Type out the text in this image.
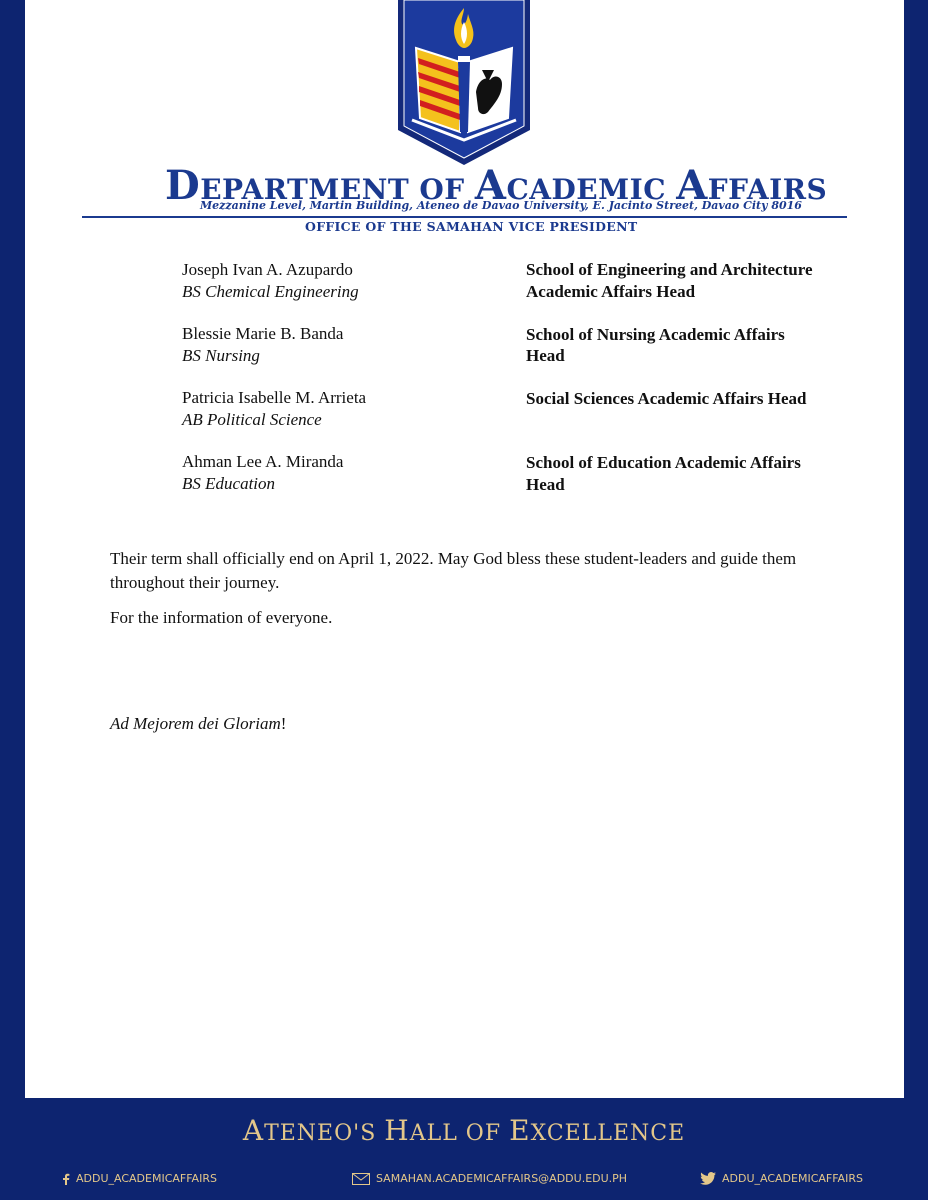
DEPARTMENT OF ACADEMIC AFFAIRS
Mezzanine Level, Martin Building, Ateneo de Davao University, E. Jacinto Street, Davao City 8016
OFFICE OF THE SAMAHAN VICE PRESIDENT
Joseph Ivan A. Azupardo
BS Chemical Engineering
Blessie Marie B. Banda
BS Nursing
Patricia Isabelle M. Arrieta
AB Political Science
Ahman Lee A. Miranda
BS Education
School of Engineering and Architecture Academic Affairs Head
School of Nursing Academic Affairs Head
Social Sciences Academic Affairs Head
School of Education Academic Affairs Head
Their term shall officially end on April 1, 2022. May God bless these student-leaders and guide them throughout their journey.
For the information of everyone.
Ad Mejorem dei Gloriam!
ATENEO'S HALL OF EXCELLENCE
ADDU_ACADEMICAFFAIRS	SAMAHAN.ACADEMICAFFAIRS@ADDU.EDU.PH	ADDU_ACADEMICAFFAIRS
